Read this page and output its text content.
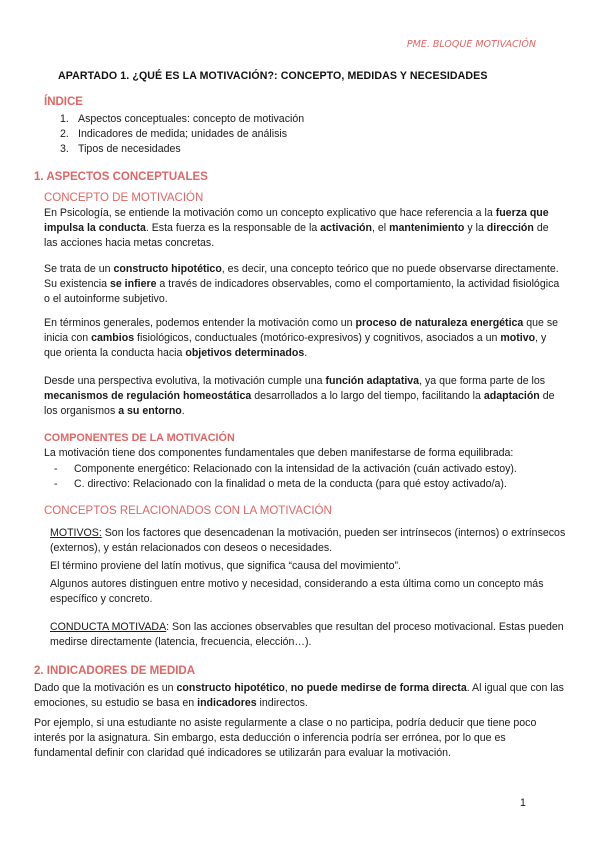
PME. BLOQUE MOTIVACIÓN
APARTADO 1. ¿QUÉ ES LA MOTIVACIÓN?: CONCEPTO, MEDIDAS Y NECESIDADES
ÍNDICE
1. Aspectos conceptuales: concepto de motivación
2. Indicadores de medida; unidades de análisis
3. Tipos de necesidades
1. ASPECTOS CONCEPTUALES
CONCEPTO DE MOTIVACIÓN

En Psicología, se entiende la motivación como un concepto explicativo que hace referencia a la fuerza que impulsa la conducta. Esta fuerza es la responsable de la activación, el mantenimiento y la dirección de las acciones hacia metas concretas.

Se trata de un constructo hipotético, es decir, una concepto teórico que no puede observarse directamente. Su existencia se infiere a través de indicadores observables, como el comportamiento, la actividad fisiológica o el autoinforme subjetivo.

En términos generales, podemos entender la motivación como un proceso de naturaleza energética que se inicia con cambios fisiológicos, conductuales (motórico-expresivos) y cognitivos, asociados a un motivo, y que orienta la conducta hacia objetivos determinados.

Desde una perspectiva evolutiva, la motivación cumple una función adaptativa, ya que forma parte de los mecanismos de regulación homeostática desarrollados a lo largo del tiempo, facilitando la adaptación de los organismos a su entorno.

COMPONENTES DE LA MOTIVACIÓN

La motivación tiene dos componentes fundamentales que deben manifestarse de forma equilibrada:

- Componente energético: Relacionado con la intensidad de la activación (cuán activado estoy).
- C. directivo: Relacionado con la finalidad o meta de la conducta (para qué estoy activado/a).
CONCEPTOS RELACIONADOS CON LA MOTIVACIÓN

MOTIVOS: Son los factores que desencadenan la motivación, pueden ser intrínsecos (internos) o extrínsecos (externos), y están relacionados con deseos o necesidades.

El término proviene del latín motivus, que significa “causa del movimiento”.

Algunos autores distinguen entre motivo y necesidad, considerando a esta última como un concepto más específico y concreto.

CONDUCTA MOTIVADA: Son las acciones observables que resultan del proceso motivacional. Estas pueden medirse directamente (latencia, frecuencia, elección…).

2. INDICADORES DE MEDIDA

Dado que la motivación es un constructo hipotético, no puede medirse de forma directa. Al igual que con las emociones, su estudio se basa en indicadores indirectos.

Por ejemplo, si una estudiante no asiste regularmente a clase o no participa, podría deducir que tiene poco interés por la asignatura. Sin embargo, esta deducción o inferencia podría ser errónea, por lo que es fundamental definir con claridad qué indicadores se utilizarán para evaluar la motivación.

1
